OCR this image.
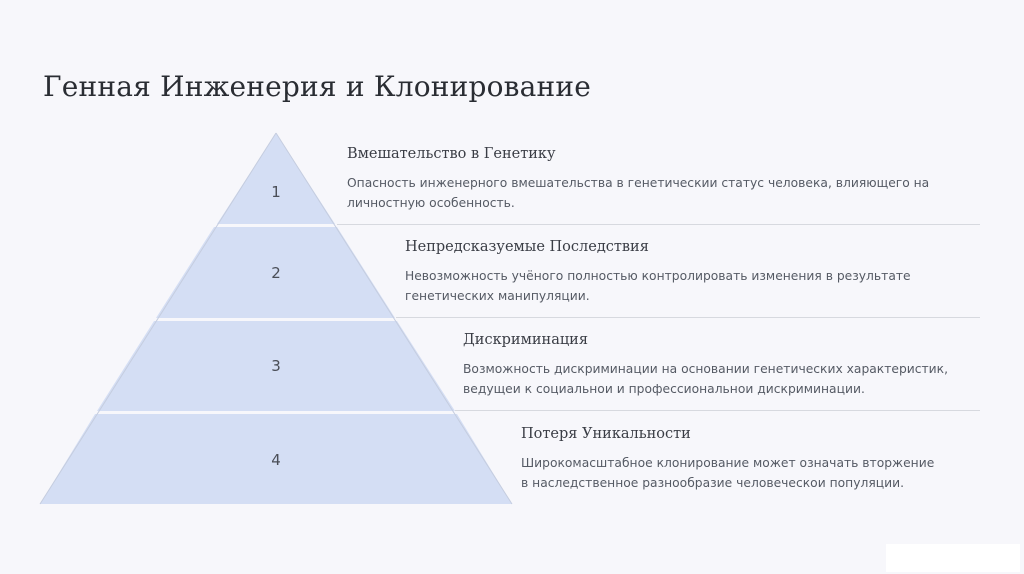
Генная Инженерия и Клонирование
1
2
3
4

Вмешательство в Генетику

Опасность инженерного вмешательства в генетическии статус человека, влияющего на личностную особенность.

Непредсказуемые Последствия

Невозможность учёного полностью контролировать изменения в результате генетических манипуляции.

Дискриминация

Возможность дискриминации на основании генетических характеристик, ведущеи к социальнои и профессиональнои дискриминации.

Потеря Уникальности

Широкомасштабное клонирование может означать вторжение в наследственное разнообразие человеческои популяции.
